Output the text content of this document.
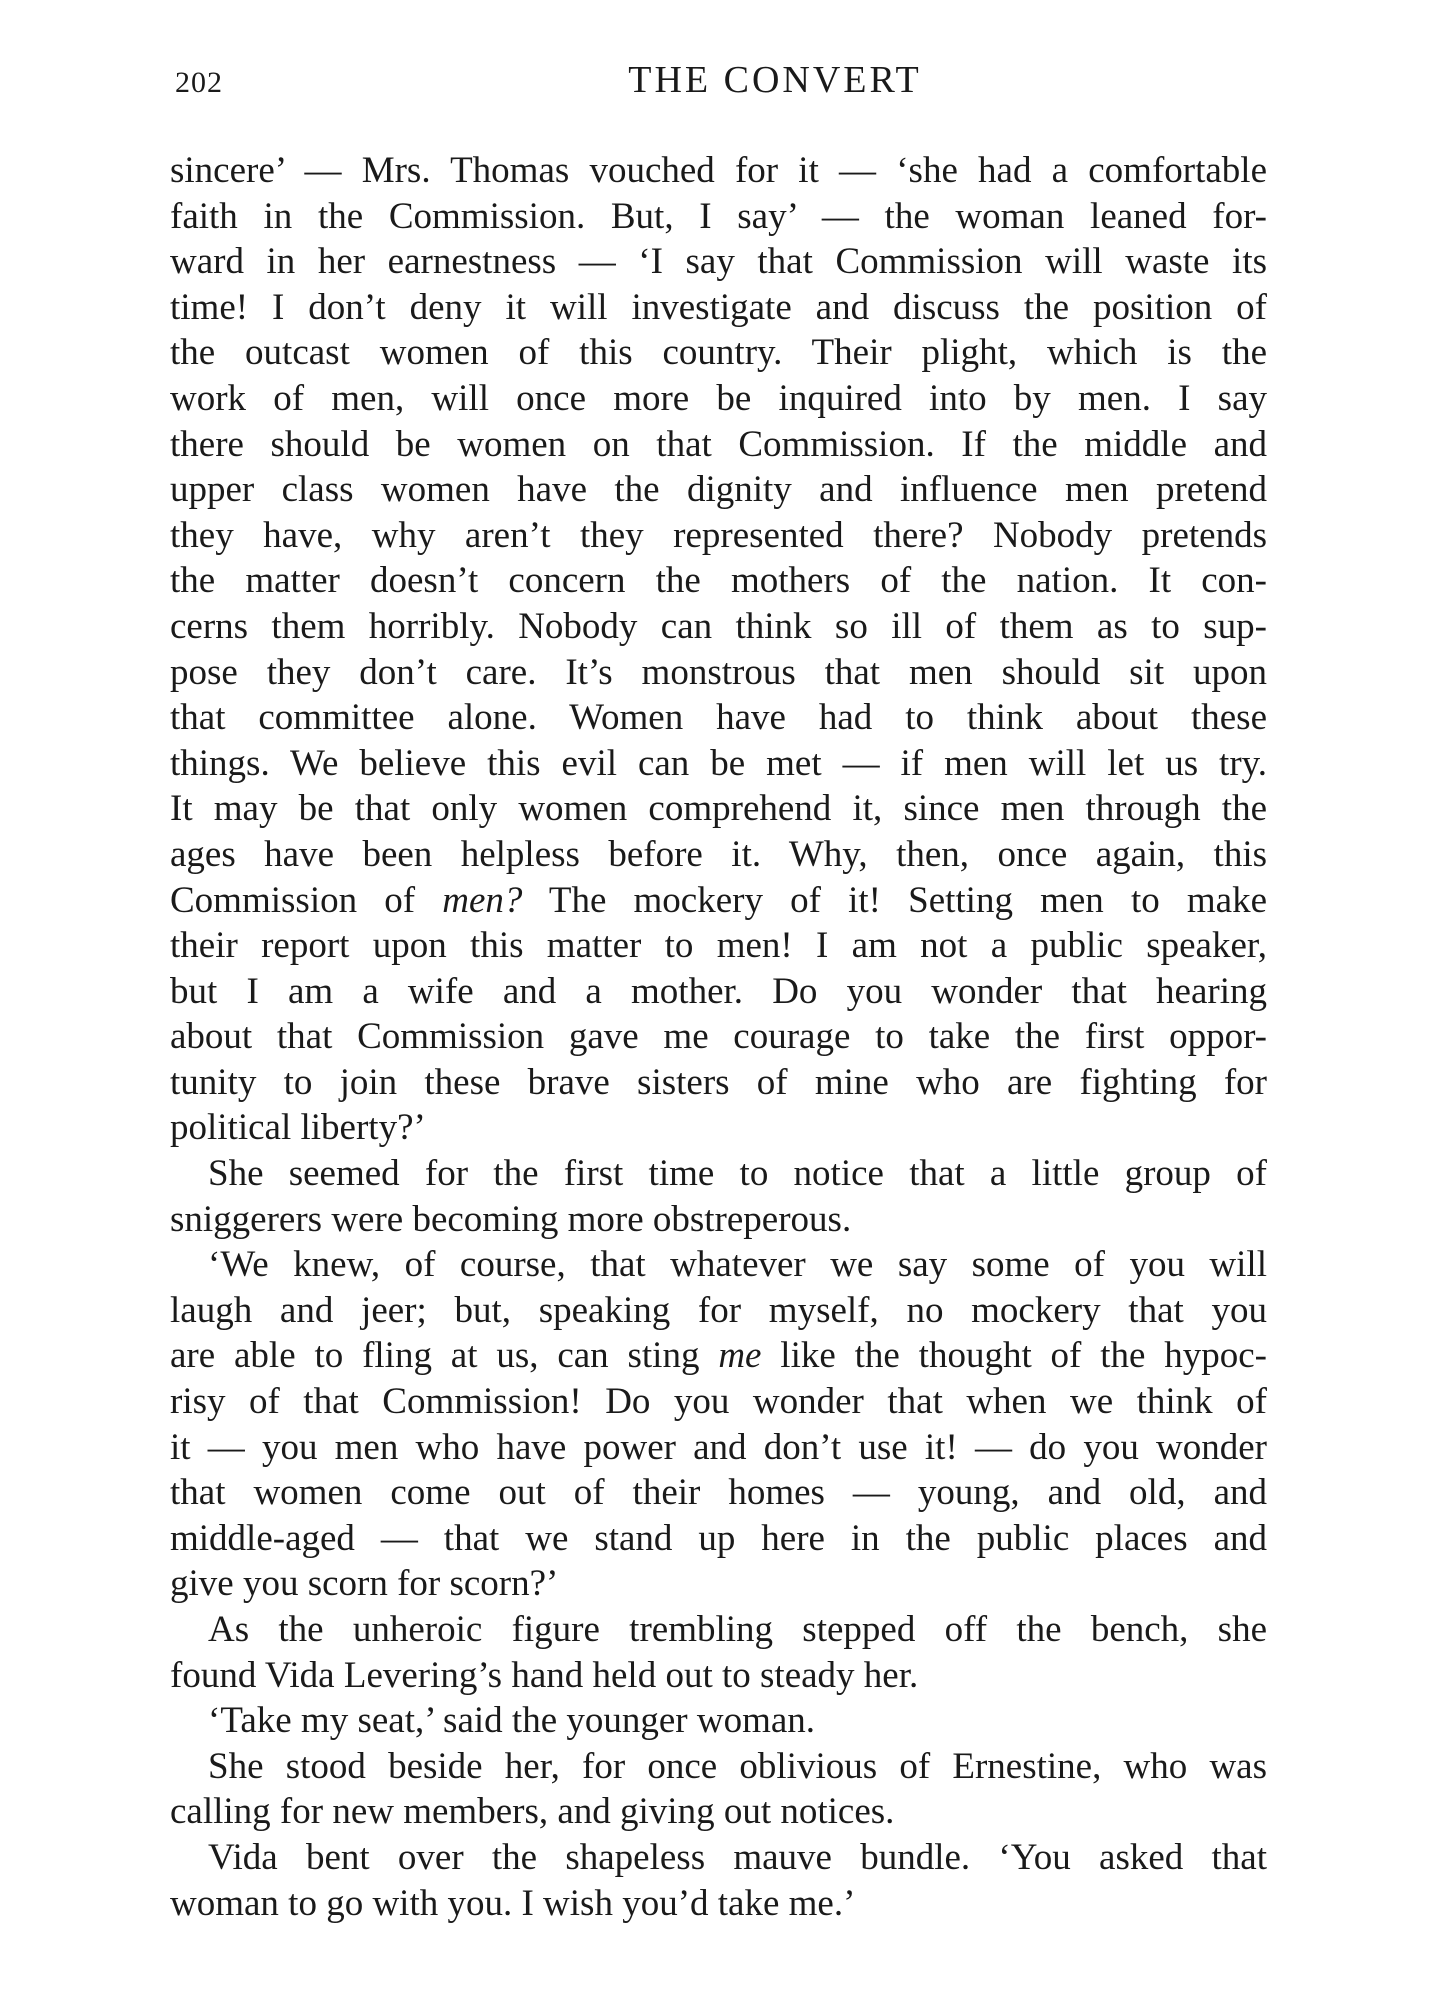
202	THE CONVERT

sincere’ — Mrs. Thomas vouched for it — ‘she had a comfortable

faith in the Commission. But, I say’ — the woman leaned for-

ward in her earnestness — ‘I say that Commission will waste its

time! I don’t deny it will investigate and discuss the position of

the outcast women of this country. Their plight, which is the

work of men, will once more be inquired into by men. I say

there should be women on that Commission. If the middle and

upper class women have the dignity and influence men pretend

they have, why aren’t they represented there? Nobody pretends

the matter doesn’t concern the mothers of the nation. It con-

cerns them horribly. Nobody can think so ill of them as to sup-

pose they don’t care. It’s monstrous that men should sit upon

that committee alone. Women have had to think about these

things. We believe this evil can be met — if men will let us try.

It may be that only women comprehend it, since men through the

ages have been helpless before it. Why, then, once again, this

Commission of men? The mockery of it! Setting men to make

their report upon this matter to men! I am not a public speaker,

but I am a wife and a mother. Do you wonder that hearing

about that Commission gave me courage to take the first oppor-

tunity to join these brave sisters of mine who are fighting for

political liberty?’

She seemed for the first time to notice that a little group of

sniggerers were becoming more obstreperous.

‘We knew, of course, that whatever we say some of you will

laugh and jeer; but, speaking for myself, no mockery that you

are able to fling at us, can sting me like the thought of the hypoc-

risy of that Commission! Do you wonder that when we think of

it — you men who have power and don’t use it! — do you wonder

that women come out of their homes — young, and old, and

middle-aged — that we stand up here in the public places and

give you scorn for scorn?’

As the unheroic figure trembling stepped off the bench, she

found Vida Levering’s hand held out to steady her.

‘Take my seat,’ said the younger woman.

She stood beside her, for once oblivious of Ernestine, who was

calling for new members, and giving out notices.

Vida bent over the shapeless mauve bundle. ‘You asked that

woman to go with you. I wish you’d take me.’
